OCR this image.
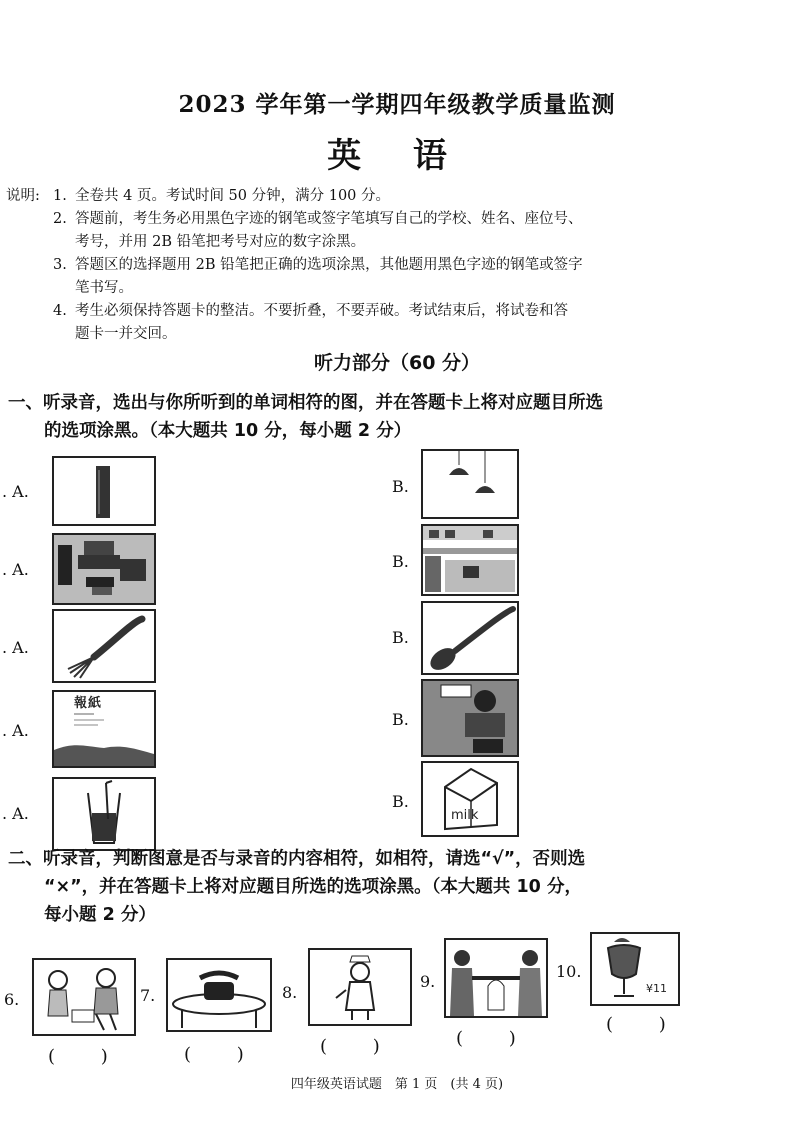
2023 学年第一学期四年级教学质量监测
英 语
说明: 1. 全卷共 4 页。考试时间 50 分钟，满分 100 分。
2. 答题前，考生务必用黑色字迹的钢笔或签字笔填写自己的学校、姓名、座位号、
考号，并用 2B 铅笔把考号对应的数字涂黑。
3. 答题区的选择题用 2B 铅笔把正确的选项涂黑，其他题用黑色字迹的钢笔或签字
笔书写。
4. 考生必须保持答题卡的整洁。不要折叠，不要弄破。考试结束后，将试卷和答
题卡一并交回。
听力部分（60 分）
一、听录音，选出与你所听到的单词相符的图，并在答题卡上将对应题目所选
的选项涂黑。（本大题共 10 分，每小题 2 分）
. A.
. A.
. A.
. A.
. A.
B.
B.
B.
B.
B.
報 紙
milk
二、听录音，判断图意是否与录音的内容相符，如相符，请选“√”，否则选
“×”，并在答题卡上将对应题目所选的选项涂黑。（本大题共 10 分，
每小题 2 分）
6.	7.	8.
9.
10.
¥11
( )	( )	( )	( )
( )
四年级英语试题　第 1 页　(共 4 页)
